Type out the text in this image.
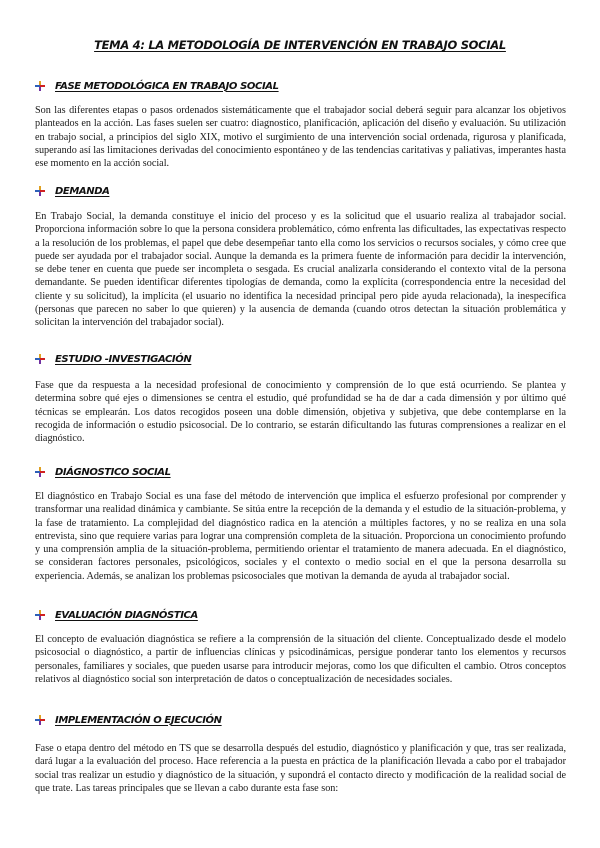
TEMA 4: LA METODOLOGÍA DE INTERVENCIÓN EN TRABAJO SOCIAL
FASE METODOLÓGICA EN TRABAJO SOCIAL

Son las diferentes etapas o pasos ordenados sistemáticamente que el trabajador social deberá seguir para alcanzar los objetivos planteados en la acción. Las fases suelen ser cuatro: diagnostico, planificación, aplicación del diseño y evaluación. Su utilización en trabajo social, a principios del siglo XIX, motivo el surgimiento de una intervención social ordenada, rigurosa y planificada, superando así las limitaciones derivadas del conocimiento espontáneo y de las tendencias caritativas y paliativas, imperantes hasta ese momento en la acción social.

DEMANDA

En Trabajo Social, la demanda constituye el inicio del proceso y es la solicitud que el usuario realiza al trabajador social. Proporciona información sobre lo que la persona considera problemático, cómo enfrenta las dificultades, las expectativas respecto a la resolución de los problemas, el papel que debe desempeñar tanto ella como los servicios o recursos sociales, y cómo cree que puede ser ayudada por el trabajador social. Aunque la demanda es la primera fuente de información para decidir la intervención, se debe tener en cuenta que puede ser incompleta o sesgada. Es crucial analizarla considerando el contexto vital de la persona demandante. Se pueden identificar diferentes tipologías de demanda, como la explícita (correspondencia entre la necesidad del cliente y su solicitud), la implícita (el usuario no identifica la necesidad principal pero pide ayuda relacionada), la inespecífica (personas que parecen no saber lo que quieren) y la ausencia de demanda (cuando otros detectan la situación problemática y solicitan la intervención del trabajador social).

ESTUDIO -INVESTIGACIÓN

Fase que da respuesta a la necesidad profesional de conocimiento y comprensión de lo que está ocurriendo. Se plantea y determina sobre qué ejes o dimensiones se centra el estudio, qué profundidad se ha de dar a cada dimensión y por último qué técnicas se emplearán. Los datos recogidos poseen una doble dimensión, objetiva y subjetiva, que debe contemplarse en la recogida de información o estudio psicosocial. De lo contrario, se estarán dificultando las futuras comprensiones a realizar en el diagnóstico.

DIÁGNOSTICO SOCIAL

El diagnóstico en Trabajo Social es una fase del método de intervención que implica el esfuerzo profesional por comprender y transformar una realidad dinámica y cambiante. Se sitúa entre la recepción de la demanda y el estudio de la situación-problema, y la fase de tratamiento. La complejidad del diagnóstico radica en la atención a múltiples factores, y no se realiza en una sola entrevista, sino que requiere varias para lograr una comprensión completa de la situación. Proporciona un conocimiento profundo y una comprensión amplia de la situación-problema, permitiendo orientar el tratamiento de manera adecuada. En el diagnóstico, se consideran factores personales, psicológicos, sociales y el contexto o medio social en el que la persona desarrolla su experiencia. Además, se analizan los problemas psicosociales que motivan la demanda de ayuda al trabajador social.

EVALUACIÓN DIAGNÓSTICA

El concepto de evaluación diagnóstica se refiere a la comprensión de la situación del cliente. Conceptualizado desde el modelo psicosocial o diagnóstico, a partir de influencias clínicas y psicodinámicas, persigue ponderar tanto los elementos y recursos personales, familiares y sociales, que pueden usarse para introducir mejoras, como los que dificulten el cambio. Otros conceptos relativos al diagnóstico social son interpretación de datos o conceptualización de necesidades sociales.

IMPLEMENTACIÓN O EJECUCIÓN

Fase o etapa dentro del método en TS que se desarrolla después del estudio, diagnóstico y planificación y que, tras ser realizada, dará lugar a la evaluación del proceso. Hace referencia a la puesta en práctica de la planificación llevada a cabo por el trabajador social tras realizar un estudio y diagnóstico de la situación, y supondrá el contacto directo y modificación de la realidad social de que trate. Las tareas principales que se llevan a cabo durante esta fase son:
